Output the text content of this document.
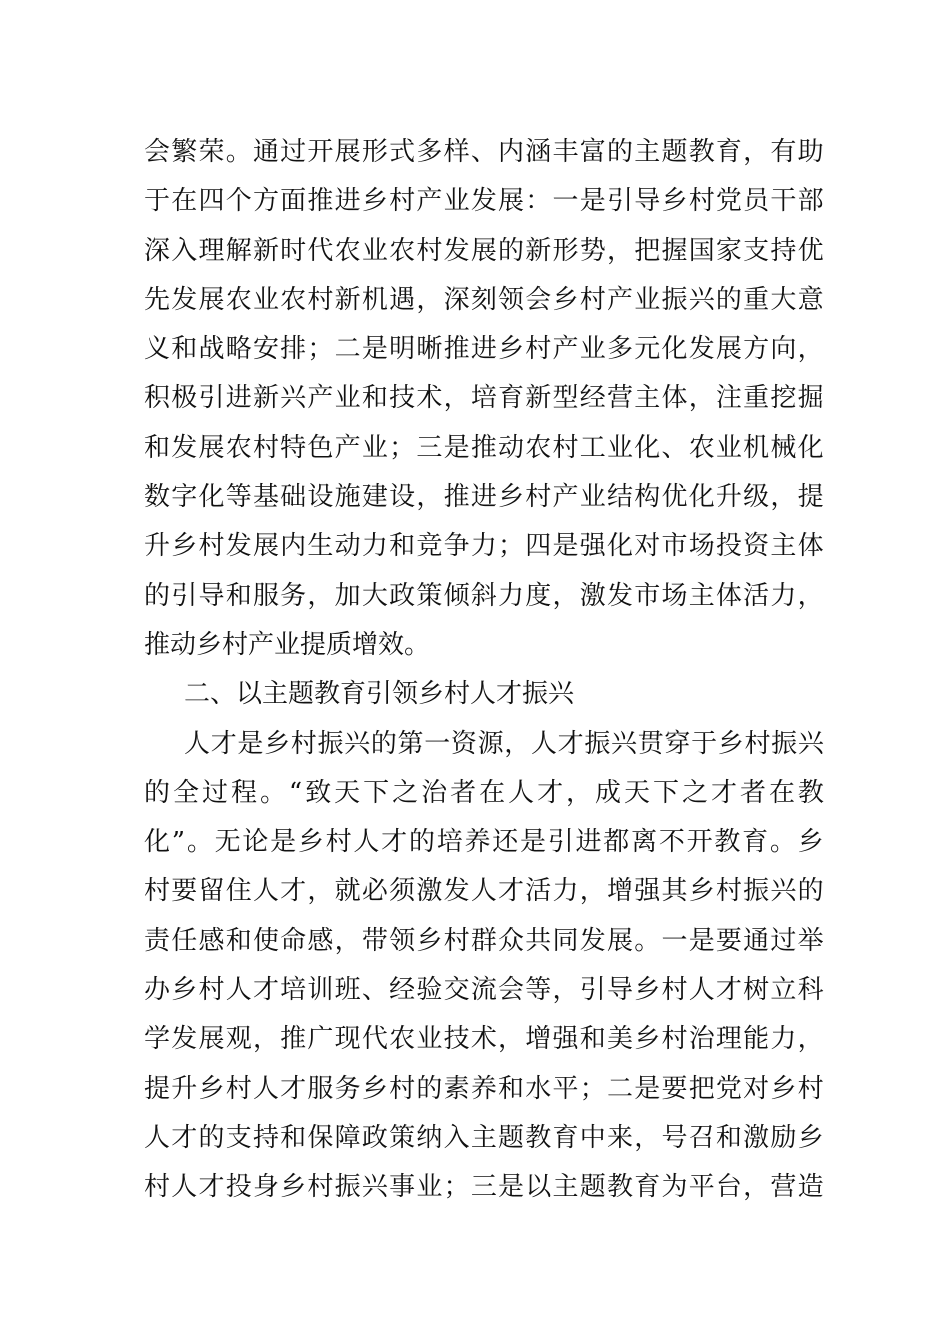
会 繁 荣 。 通 过 开 展 形 式 多 样 、 内 涵 丰 富 的 主 题 教 育 ， 有 助
于 在 四 个 方 面 推 进 乡 村 产 业 发 展 ： 一 是 引 导 乡 村 党 员 干 部
深 入 理 解 新 时 代 农 业 农 村 发 展 的 新 形 势 ， 把 握 国 家 支 持 优
先 发 展 农 业 农 村 新 机 遇 ， 深 刻 领 会 乡 村 产 业 振 兴 的 重 大 意
义 和 战 略 安 排 ； 二 是 明 晰 推 进 乡 村 产 业 多 元 化 发 展 方 向 ，
积 极 引 进 新 兴 产 业 和 技 术 ， 培 育 新 型 经 营 主 体 ， 注 重 挖 掘
和 发 展 农 村 特 色 产 业 ； 三 是 推 动 农 村 工 业 化 、 农 业 机 械 化
数 字 化 等 基 础 设 施 建 设 ， 推 进 乡 村 产 业 结 构 优 化 升 级 ， 提
升 乡 村 发 展 内 生 动 力 和 竞 争 力 ； 四 是 强 化 对 市 场 投 资 主 体
的 引 导 和 服 务 ， 加 大 政 策 倾 斜 力 度 ， 激 发 市 场 主 体 活 力 ，
推动乡村产业提质增效。
二、以主题教育引领乡村人才振兴
人 才 是 乡 村 振 兴 的 第 一 资 源 ， 人 才 振 兴 贯 穿 于 乡 村 振 兴
的 全 过 程 。 “ 致 天 下 之 治 者 在 人 才 ， 成 天 下 之 才 者 在 教
化 ” 。 无 论 是 乡 村 人 才 的 培 养 还 是 引 进 都 离 不 开 教 育 。 乡
村 要 留 住 人 才 ， 就 必 须 激 发 人 才 活 力 ， 增 强 其 乡 村 振 兴 的
责 任 感 和 使 命 感 ， 带 领 乡 村 群 众 共 同 发 展 。 一 是 要 通 过 举
办 乡 村 人 才 培 训 班 、 经 验 交 流 会 等 ， 引 导 乡 村 人 才 树 立 科
学 发 展 观 ， 推 广 现 代 农 业 技 术 ， 增 强 和 美 乡 村 治 理 能 力 ，
提 升 乡 村 人 才 服 务 乡 村 的 素 养 和 水 平 ； 二 是 要 把 党 对 乡 村
人 才 的 支 持 和 保 障 政 策 纳 入 主 题 教 育 中 来 ， 号 召 和 激 励 乡
村 人 才 投 身 乡 村 振 兴 事 业 ； 三 是 以 主 题 教 育 为 平 台 ， 营 造
